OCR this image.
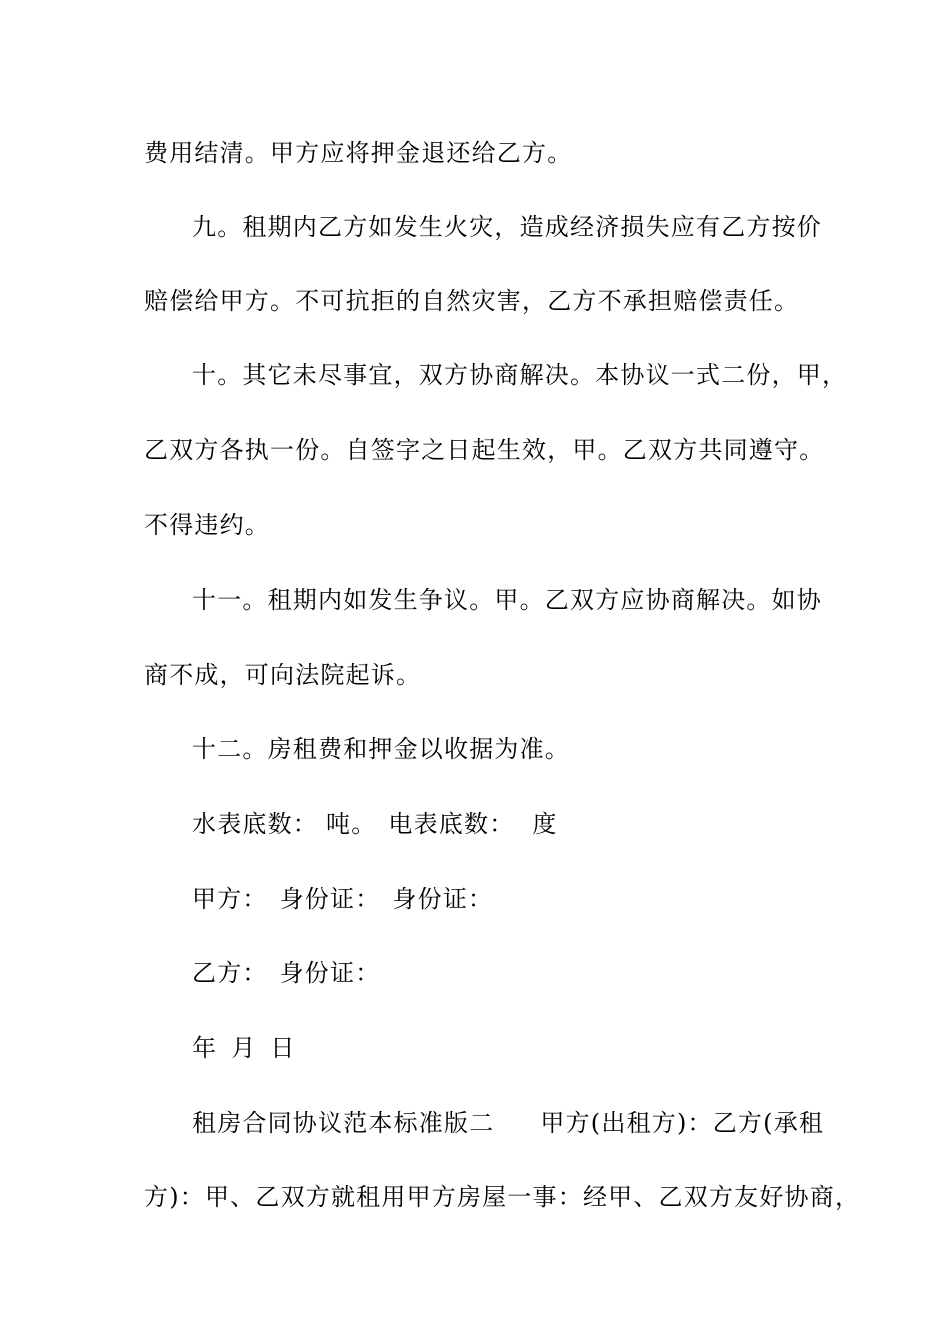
费用结清。甲方应将押金退还给乙方。

九。租期内乙方如发生火灾，造成经济损失应有乙方按价

赔偿给甲方。不可抗拒的自然灾害，乙方不承担赔偿责任。

十。其它未尽事宜，双方协商解决。本协议一式二份，甲，

乙双方各执一份。自签字之日起生效，甲。乙双方共同遵守。

不得违约。

十一。租期内如发生争议。甲。乙双方应协商解决。如协

商不成，可向法院起诉。

十二。房租费和押金以收据为准。

水表底数： 吨。 电表底数： 度

甲方： 身份证： 身份证：

乙方： 身份证：

年 月 日

租房合同协议范本标准版二 甲方(出租方)：乙方(承租

方)：甲、乙双方就租用甲方房屋一事：经甲、乙双方友好协商，
